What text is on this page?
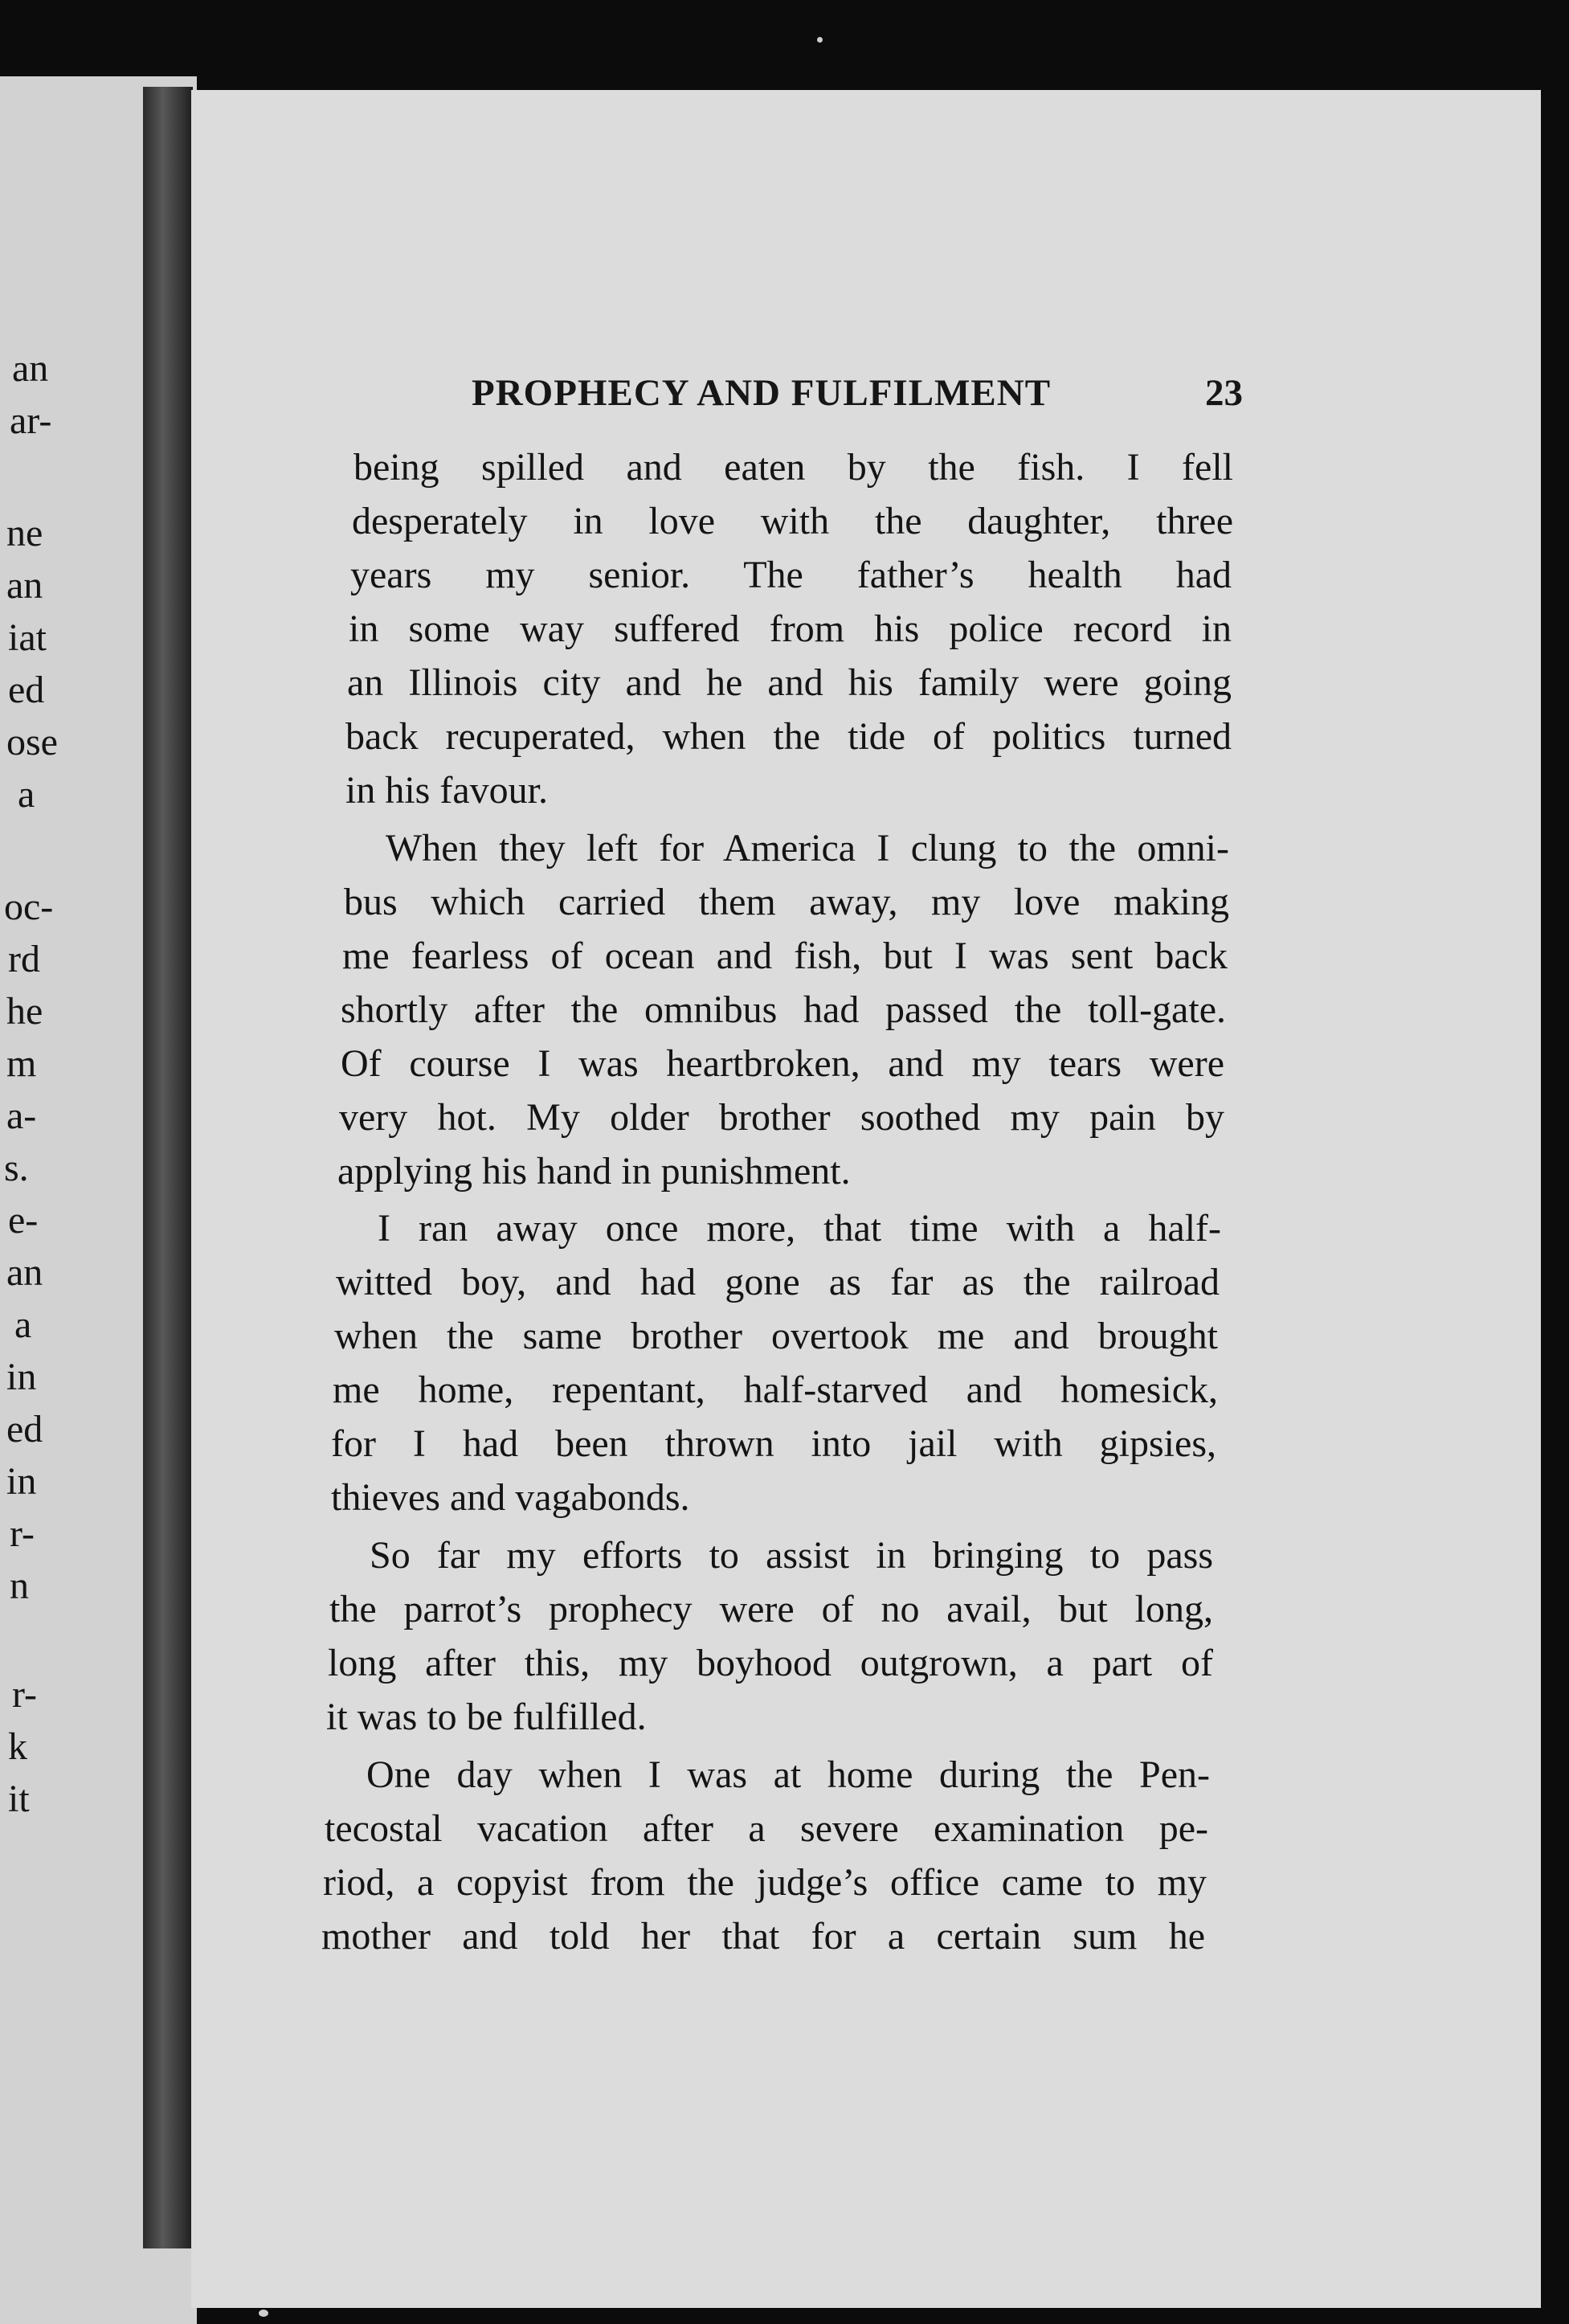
an
ar-
ne
an
iat
ed
ose
a
oc-
rd
he
m
a-
s.
e-
an
a
in
ed
in
r-
n
r-
k
it
PROPHECY AND FULFILMENT	23
being spilled and eaten by the fish. I fell
desperately in love with the daughter, three
years my senior. The father’s health had
in some way suffered from his police record in
an Illinois city and he and his family were going
back recuperated, when the tide of politics turned
in his favour.
When they left for America I clung to the omni-
bus which carried them away, my love making
me fearless of ocean and fish, but I was sent back
shortly after the omnibus had passed the toll-gate.
Of course I was heartbroken, and my tears were
very hot. My older brother soothed my pain by
applying his hand in punishment.
I ran away once more, that time with a half-
witted boy, and had gone as far as the railroad
when the same brother overtook me and brought
me home, repentant, half-starved and homesick,
for I had been thrown into jail with gipsies,
thieves and vagabonds.
So far my efforts to assist in bringing to pass
the parrot’s prophecy were of no avail, but long,
long after this, my boyhood outgrown, a part of
it was to be fulfilled.
One day when I was at home during the Pen-
tecostal vacation after a severe examination pe-
riod, a copyist from the judge’s office came to my
mother and told her that for a certain sum he
